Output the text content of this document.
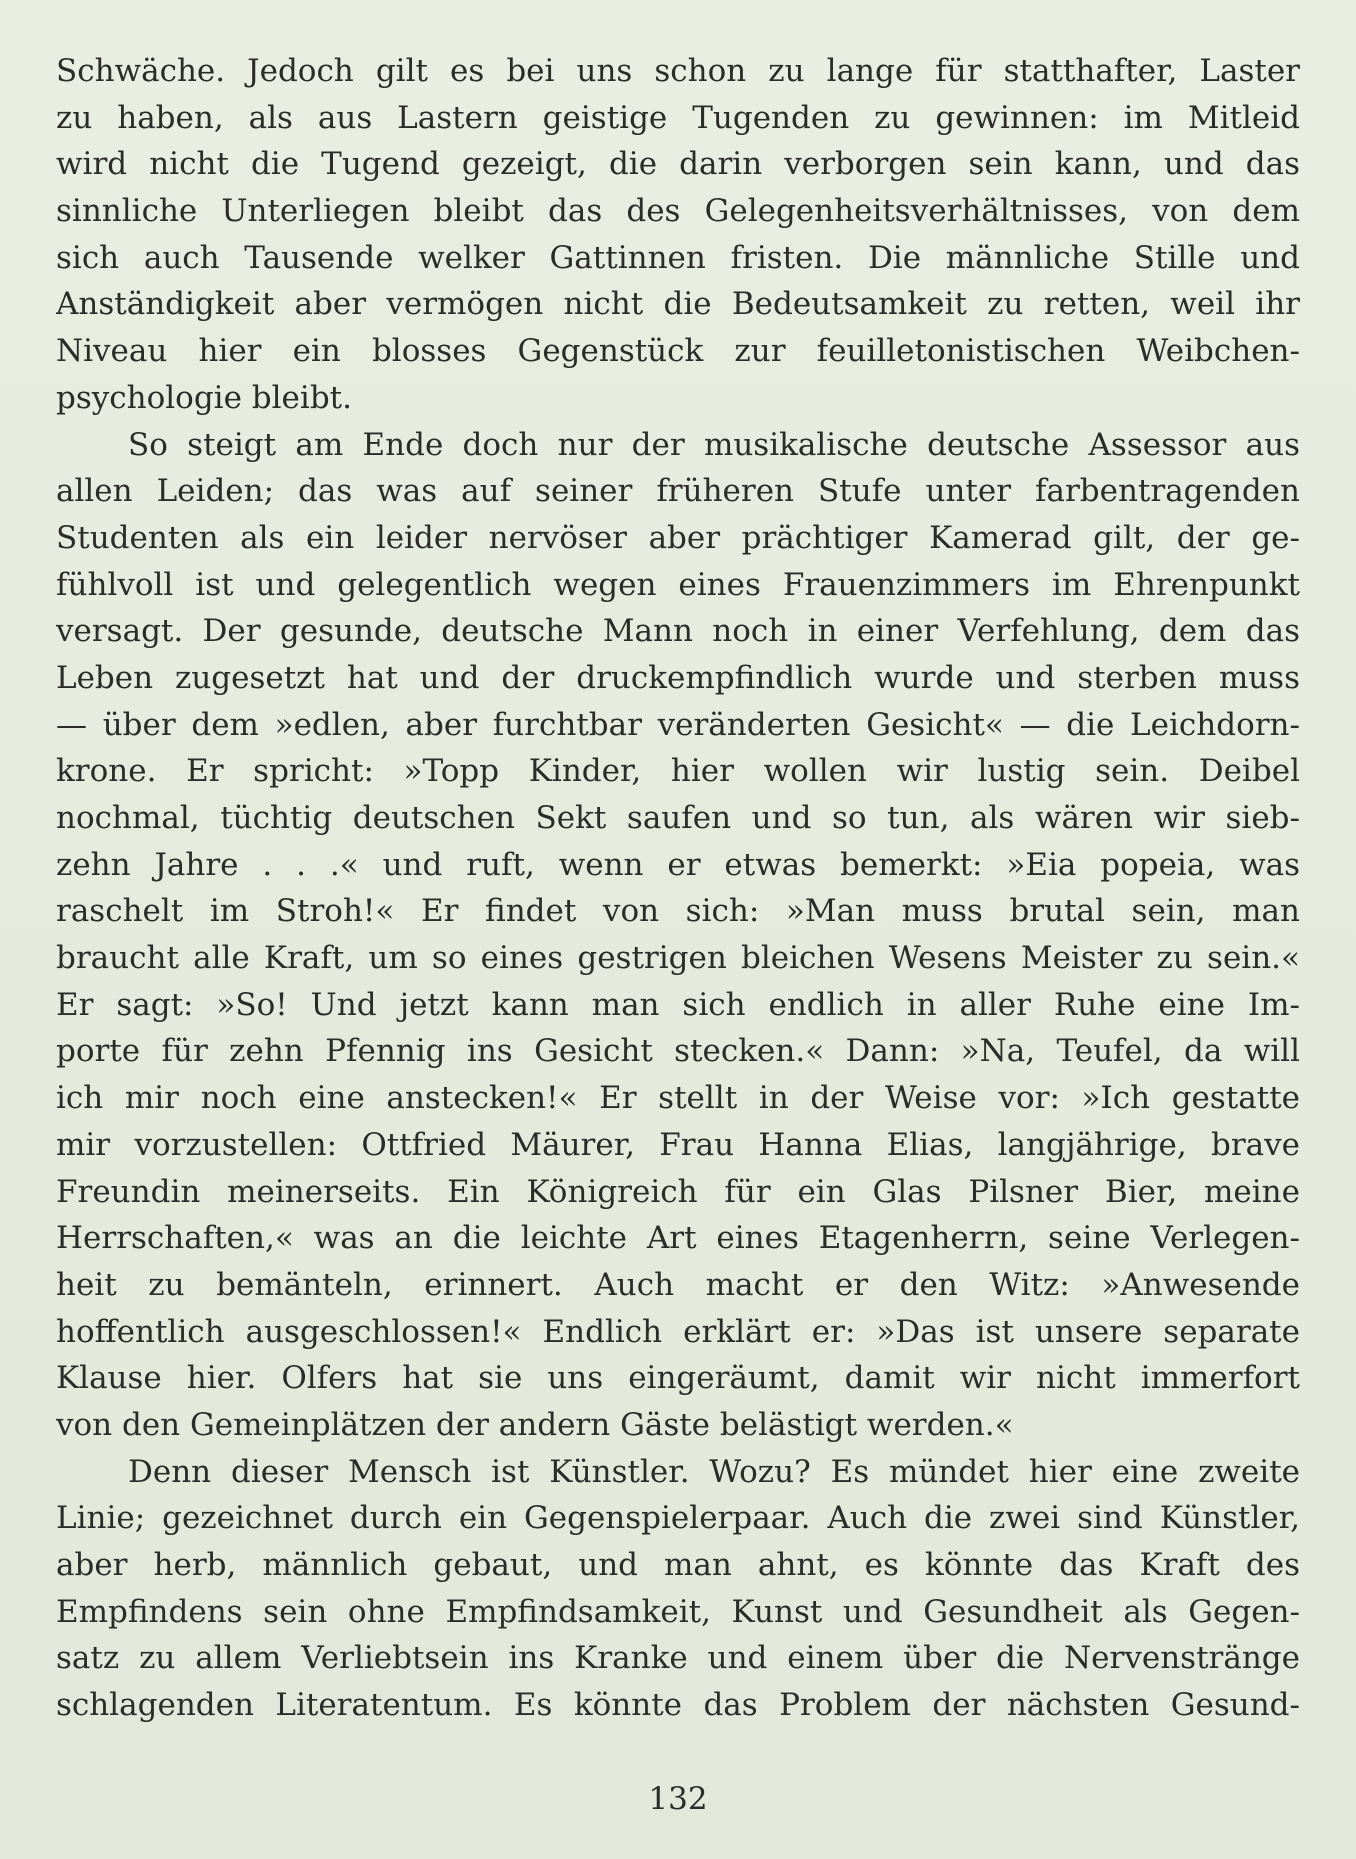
Schwäche. Jedoch gilt es bei uns schon zu lange für statthafter, Laster
zu haben, als aus Lastern geistige Tugenden zu gewinnen: im Mitleid
wird nicht die Tugend gezeigt, die darin verborgen sein kann, und das
sinnliche Unterliegen bleibt das des Gelegenheitsverhältnisses, von dem
sich auch Tausende welker Gattinnen fristen. Die männliche Stille und
Anständigkeit aber vermögen nicht die Bedeutsamkeit zu retten, weil ihr
Niveau hier ein blosses Gegenstück zur feuilletonistischen Weibchen-
psychologie bleibt.
So steigt am Ende doch nur der musikalische deutsche Assessor aus
allen Leiden; das was auf seiner früheren Stufe unter farbentragenden
Studenten als ein leider nervöser aber prächtiger Kamerad gilt, der ge-
fühlvoll ist und gelegentlich wegen eines Frauenzimmers im Ehrenpunkt
versagt. Der gesunde, deutsche Mann noch in einer Verfehlung, dem das
Leben zugesetzt hat und der druckempfindlich wurde und sterben muss
— über dem »edlen, aber furchtbar veränderten Gesicht« — die Leichdorn-
krone. Er spricht: »Topp Kinder, hier wollen wir lustig sein. Deibel
nochmal, tüchtig deutschen Sekt saufen und so tun, als wären wir sieb-
zehn Jahre . . .« und ruft, wenn er etwas bemerkt: »Eia popeia, was
raschelt im Stroh!« Er findet von sich: »Man muss brutal sein, man
braucht alle Kraft, um so eines gestrigen bleichen Wesens Meister zu sein.«
Er sagt: »So! Und jetzt kann man sich endlich in aller Ruhe eine Im-
porte für zehn Pfennig ins Gesicht stecken.« Dann: »Na, Teufel, da will
ich mir noch eine anstecken!« Er stellt in der Weise vor: »Ich gestatte
mir vorzustellen: Ottfried Mäurer, Frau Hanna Elias, langjährige, brave
Freundin meinerseits. Ein Königreich für ein Glas Pilsner Bier, meine
Herrschaften,« was an die leichte Art eines Etagenherrn, seine Verlegen-
heit zu bemänteln, erinnert. Auch macht er den Witz: »Anwesende
hoffentlich ausgeschlossen!« Endlich erklärt er: »Das ist unsere separate
Klause hier. Olfers hat sie uns eingeräumt, damit wir nicht immerfort
von den Gemeinplätzen der andern Gäste belästigt werden.«
Denn dieser Mensch ist Künstler. Wozu? Es mündet hier eine zweite
Linie; gezeichnet durch ein Gegenspielerpaar. Auch die zwei sind Künstler,
aber herb, männlich gebaut, und man ahnt, es könnte das Kraft des
Empfindens sein ohne Empfindsamkeit, Kunst und Gesundheit als Gegen-
satz zu allem Verliebtsein ins Kranke und einem über die Nervenstränge
schlagenden Literatentum. Es könnte das Problem der nächsten Gesund-
132
